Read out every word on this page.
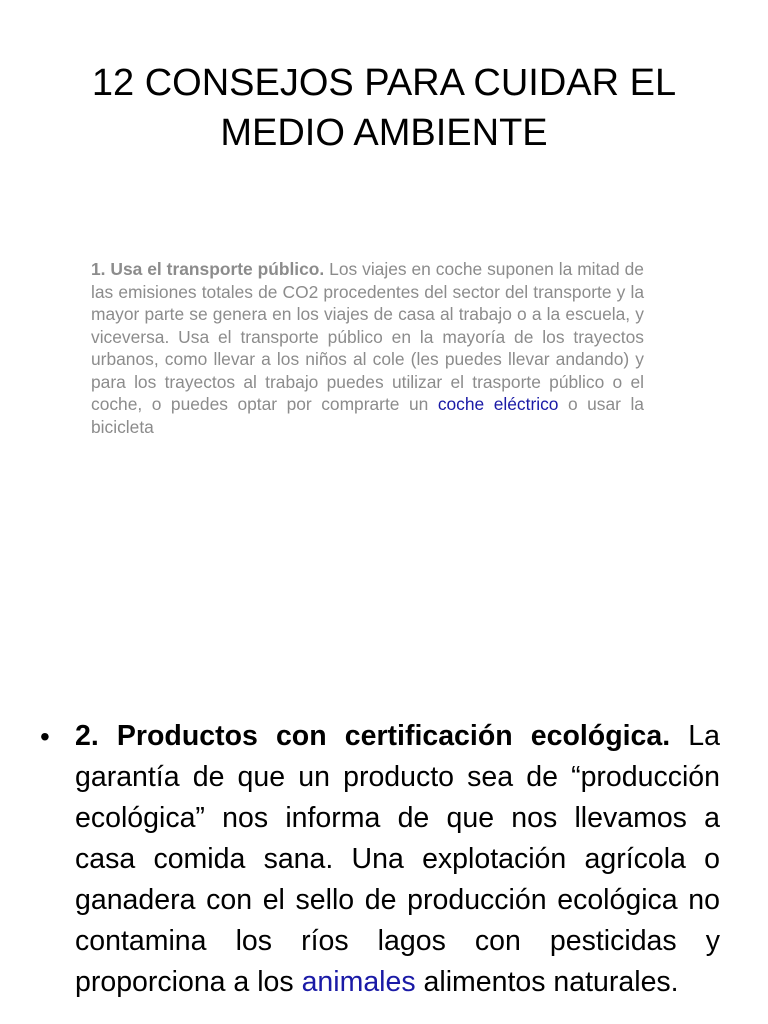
12 CONSEJOS PARA CUIDAR EL
MEDIO AMBIENTE

1. Usa el transporte público. Los viajes en coche suponen la mitad de las emisiones totales de CO2 procedentes del sector del transporte y la mayor parte se genera en los viajes de casa al trabajo o a la escuela, y viceversa. Usa el transporte público en la mayoría de los trayectos urbanos, como llevar a los niños al cole (les puedes llevar andando) y para los trayectos al trabajo puedes utilizar el trasporte público o el coche, o puedes optar por comprarte un coche eléctrico o usar la bicicleta

• 2. Productos con certificación ecológica. La garantía de que un producto sea de “producción ecológica” nos informa de que nos llevamos a casa comida sana. Una explotación agrícola o ganadera con el sello de producción ecológica no contamina los ríos lagos con pesticidas y proporciona a los animales alimentos naturales.
